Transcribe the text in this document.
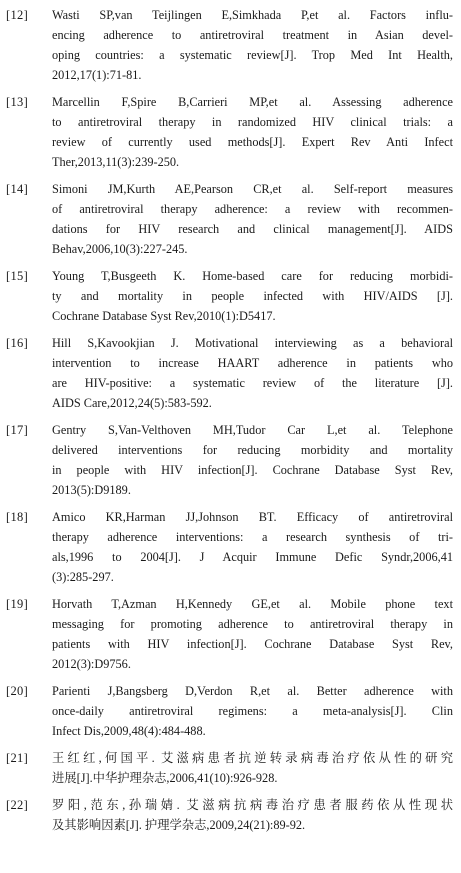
[12]	Wasti SP,van Teijlingen E,Simkhada P,et al. Factors influ-
encing adherence to antiretroviral treatment in Asian devel-
oping countries: a systematic review[J]. Trop Med Int Health,
2012,17(1):71-81.
[13]	Marcellin F,Spire B,Carrieri MP,et al. Assessing adherence
to antiretroviral therapy in randomized HIV clinical trials: a
review of currently used methods[J]. Expert Rev Anti Infect
Ther,2013,11(3):239-250.
[14]	Simoni JM,Kurth AE,Pearson CR,et al. Self-report measures
of antiretroviral therapy adherence: a review with recommen-
dations for HIV research and clinical management[J]. AIDS
Behav,2006,10(3):227-245.
[15]	Young T,Busgeeth K. Home-based care for reducing morbidi-
ty and mortality in people infected with HIV/AIDS [J].
Cochrane Database Syst Rev,2010(1):D5417.
[16]	Hill S,Kavookjian J. Motivational interviewing as a behavioral
intervention to increase HAART adherence in patients who
are HIV-positive: a systematic review of the literature [J].
AIDS Care,2012,24(5):583-592.
[17]	Gentry S,Van-Velthoven MH,Tudor Car L,et al. Telephone
delivered interventions for reducing morbidity and mortality
in people with HIV infection[J]. Cochrane Database Syst Rev,
2013(5):D9189.
[18]	Amico KR,Harman JJ,Johnson BT. Efficacy of antiretroviral
therapy adherence interventions: a research synthesis of tri-
als,1996 to 2004[J]. J Acquir Immune Defic Syndr,2006,41
(3):285-297.
[19]	Horvath T,Azman H,Kennedy GE,et al. Mobile phone text
messaging for promoting adherence to antiretroviral therapy in
patients with HIV infection[J]. Cochrane Database Syst Rev,
2012(3):D9756.
[20]	Parienti J,Bangsberg D,Verdon R,et al. Better adherence with
once-daily antiretroviral regimens: a meta-analysis[J]. Clin
Infect Dis,2009,48(4):484-488.
[21]	王红红,何国平. 艾滋病患者抗逆转录病毒治疗依从性的研究
进展[J].中华护理杂志,2006,41(10):926-928.
[22]	罗阳,范东,孙瑞婧. 艾滋病抗病毒治疗患者服药依从性现状
及其影响因素[J]. 护理学杂志,2009,24(21):89-92.
